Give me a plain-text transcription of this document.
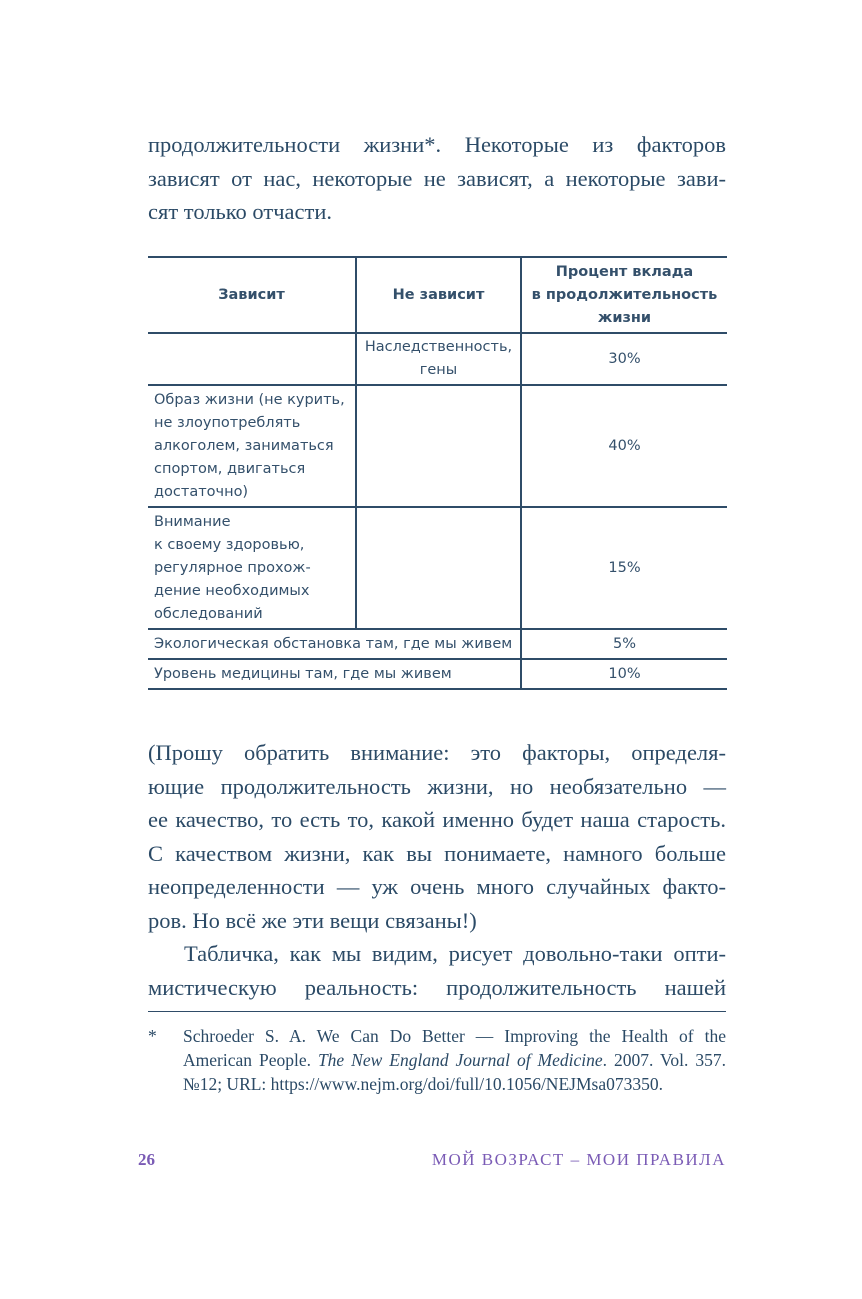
продолжительности жизни*. Некоторые из факторов
зависят от нас, некоторые не зависят, а некоторые зави-
сят только отчасти.
Зависит	Не зависит	Процент вклада
в продолжительность
жизни

	Наследственность,
гены	30%

Образ жизни (не курить,
не злоупотреблять
алкоголем, заниматься
спортом, двигаться
достаточно)		40%

Внимание
к своему здоровью,
регулярное прохож-
дение необходимых
обследований		15%
Экологическая обстановка там, где мы живем		5%
Уровень медицины там, где мы живем		10%
(Прошу обратить внимание: это факторы, определя-
ющие продолжительность жизни, но необязательно —
ее качество, то есть то, какой именно будет наша старость.
С качеством жизни, как вы понимаете, намного больше
неопределенности — уж очень много случайных факто-
ров. Но всё же эти вещи связаны!)
Табличка, как мы видим, рисует довольно-таки опти-
мистическую реальность: продолжительность нашей
* Schroeder S. A. We Can Do Better — Improving the Health of the
American People. The New England Journal of Medicine. 2007. Vol. 357.
№12; URL: https://www.nejm.org/doi/full/10.1056/NEJMsa073350.
26	МОЙ ВОЗРАСТ – МОИ ПРАВИЛА
